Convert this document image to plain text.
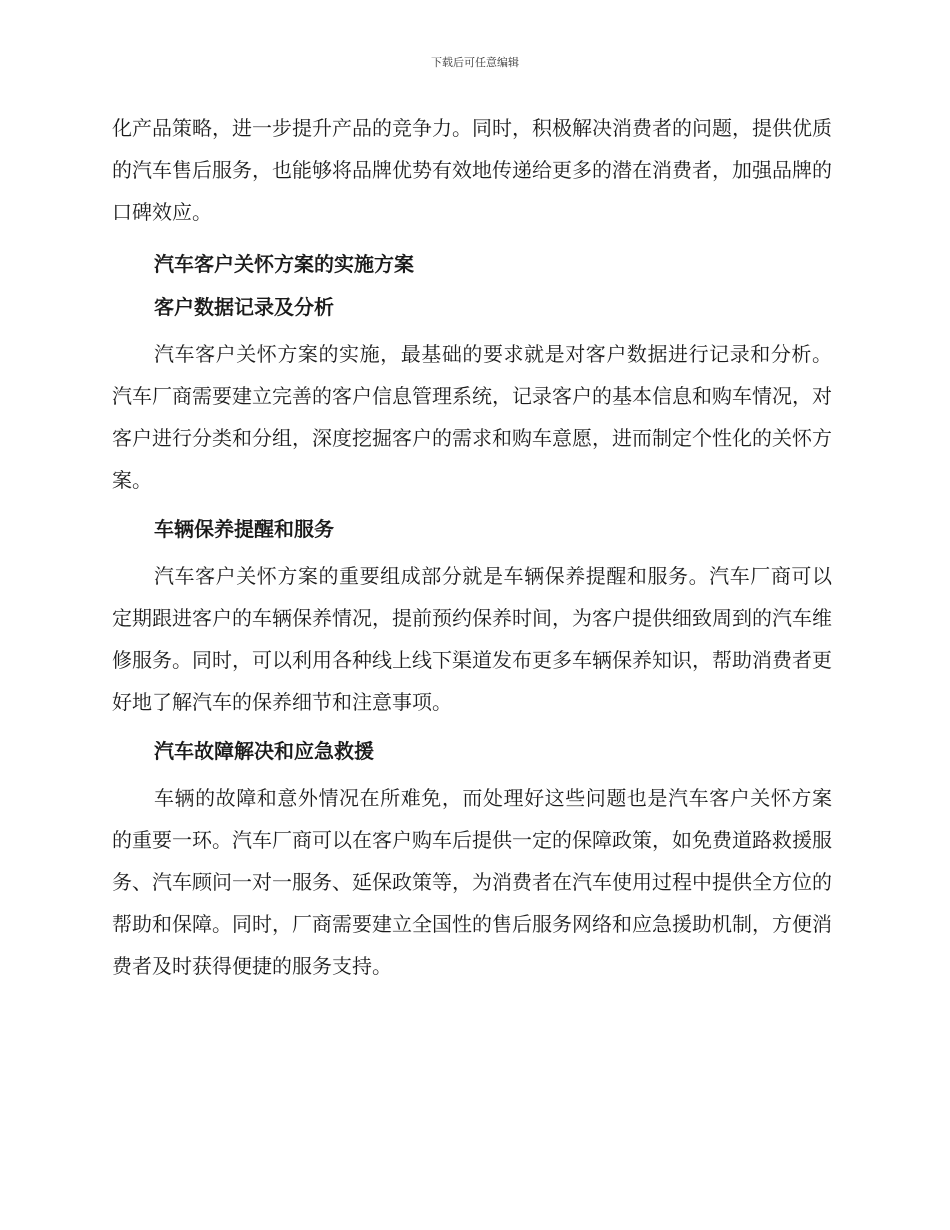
下载后可任意编辑

化产品策略，进一步提升产品的竞争力。同时，积极解决消费者的问题，提供优质的汽车售后服务，也能够将品牌优势有效地传递给更多的潜在消费者，加强品牌的口碑效应。

汽车客户关怀方案的实施方案
客户数据记录及分析

汽车客户关怀方案的实施，最基础的要求就是对客户数据进行记录和分析。汽车厂商需要建立完善的客户信息管理系统，记录客户的基本信息和购车情况，对客户进行分类和分组，深度挖掘客户的需求和购车意愿，进而制定个性化的关怀方案。

车辆保养提醒和服务

汽车客户关怀方案的重要组成部分就是车辆保养提醒和服务。汽车厂商可以定期跟进客户的车辆保养情况，提前预约保养时间，为客户提供细致周到的汽车维修服务。同时，可以利用各种线上线下渠道发布更多车辆保养知识，帮助消费者更好地了解汽车的保养细节和注意事项。

汽车故障解决和应急救援

车辆的故障和意外情况在所难免，而处理好这些问题也是汽车客户关怀方案的重要一环。汽车厂商可以在客户购车后提供一定的保障政策，如免费道路救援服务、汽车顾问一对一服务、延保政策等，为消费者在汽车使用过程中提供全方位的帮助和保障。同时，厂商需要建立全国性的售后服务网络和应急援助机制，方便消费者及时获得便捷的服务支持。
